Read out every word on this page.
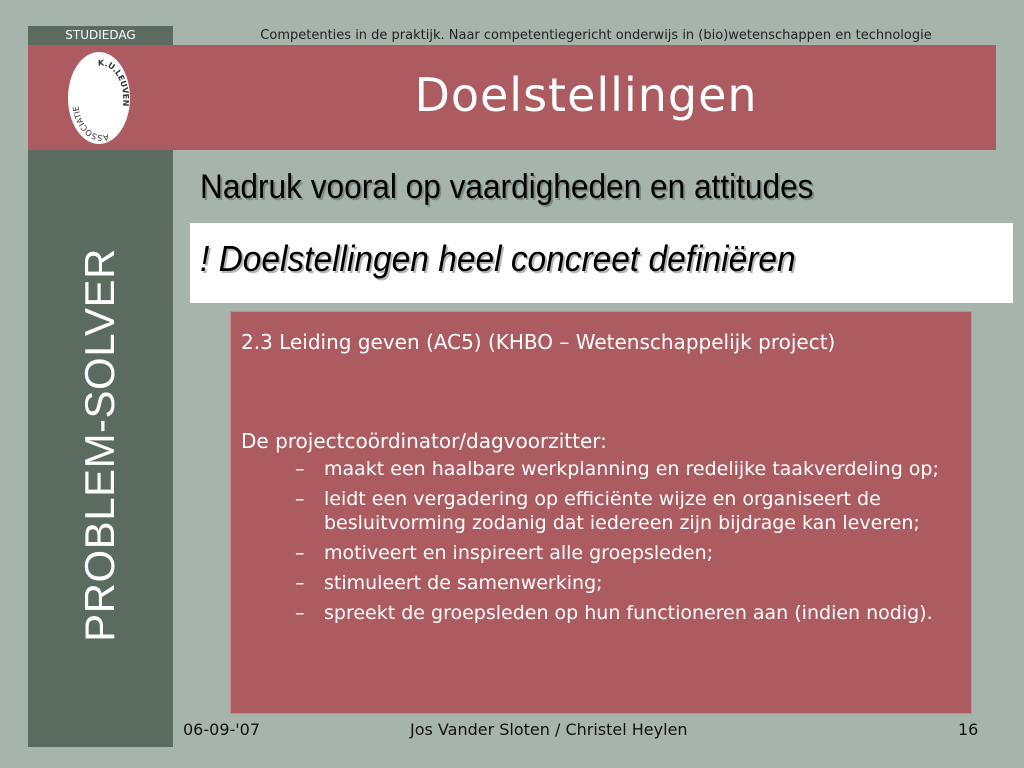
STUDIEDAG	Competenties in de praktijk. Naar competentiegericht onderwijs in (bio)wetenschappen en technologie
ASSOCIATIE
K.U.LEUVEN	Doelstellingen
PROBLEM-SOLVER
Nadruk vooral op vaardigheden en attitudes
! Doelstellingen heel concreet definiëren
2.3 Leiding geven (AC5) (KHBO – Wetenschappelijk project)
De projectcoördinator/dagvoorzitter:
– maakt een haalbare werkplanning en redelijke taakverdeling op;
– leidt een vergadering op efficiënte wijze en organiseert de besluitvorming zodanig dat iedereen zijn bijdrage kan leveren;
– motiveert en inspireert alle groepsleden;
– stimuleert de samenwerking;
– spreekt de groepsleden op hun functioneren aan (indien nodig).
06-09-'07	Jos Vander Sloten / Christel Heylen	16
